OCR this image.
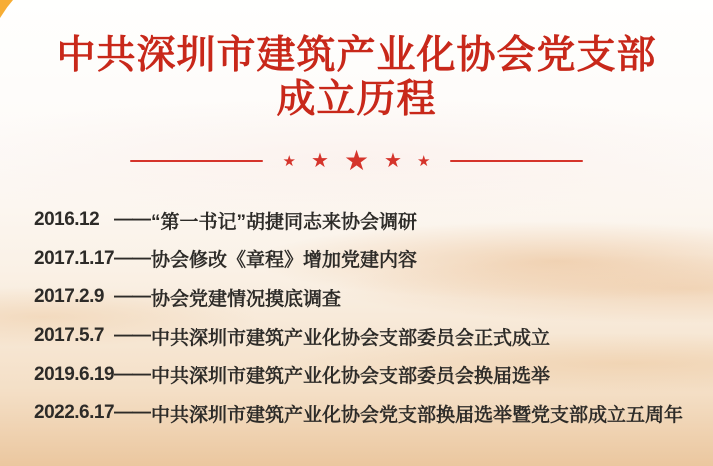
中共深圳市建筑产业化协会党支部
成立历程
★ ★ ★ ★ ★
2016.12 —— “第一书记”胡捷同志来协会调研
2017.1.17 —— 协会修改《章程》增加党建内容
2017.2.9 —— 协会党建情况摸底调查
2017.5.7 —— 中共深圳市建筑产业化协会支部委员会正式成立
2019.6.19 —— 中共深圳市建筑产业化协会支部委员会换届选举
2022.6.17 —— 中共深圳市建筑产业化协会党支部换届选举暨党支部成立五周年
